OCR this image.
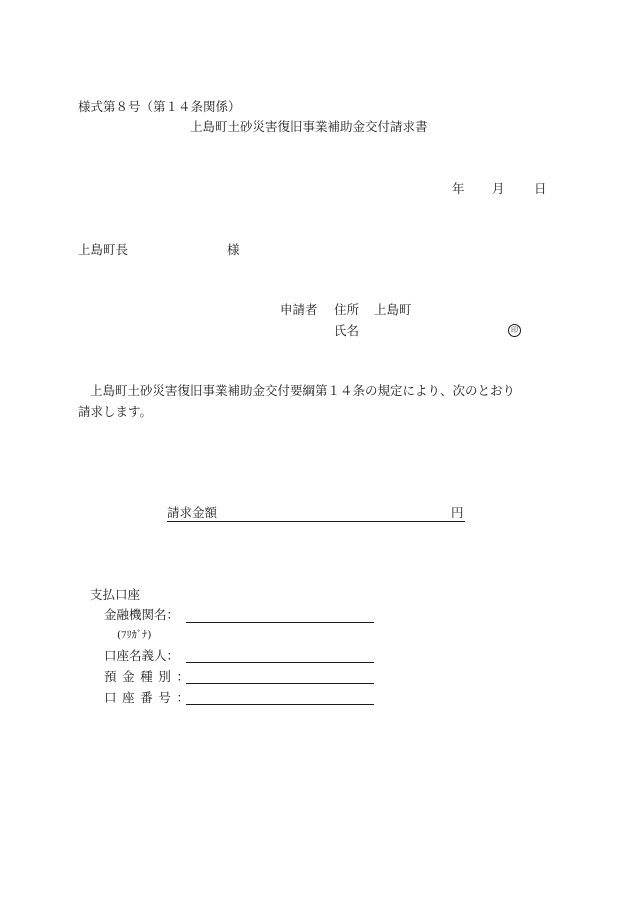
様式第８号（第１４条関係）
上島町土砂災害復旧事業補助金交付請求書
年 月 日
上島町長	様
申請者 住所 上島町
氏名	印
上島町土砂災害復旧事業補助金交付要綱第１４条の規定により、次のとおり
請求します。
請求金額	円
支払口座
金融機関名：
(ﾌﾘｶﾞﾅ)
口座名義人：
預金種別：
口座番号：
